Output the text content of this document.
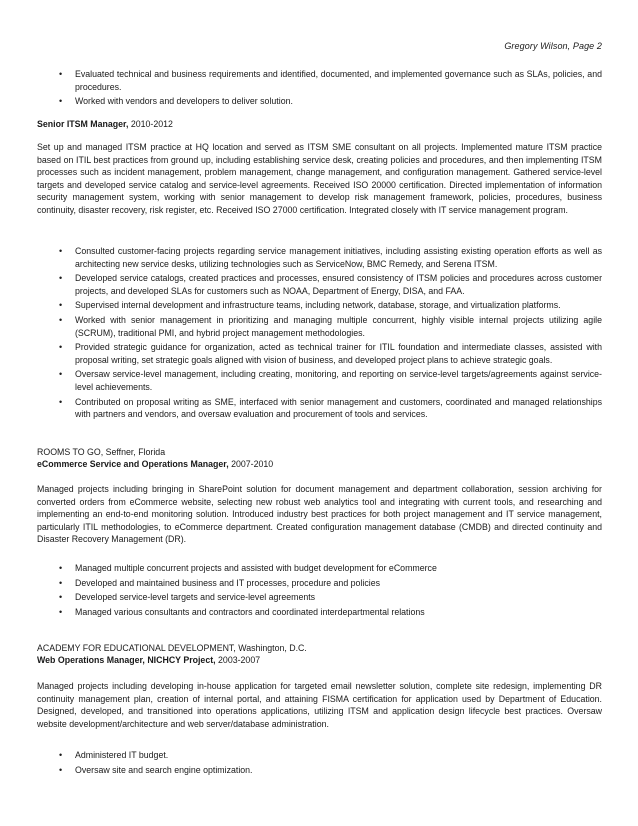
Gregory Wilson, Page 2
• Evaluated technical and business requirements and identified, documented, and implemented governance such as SLAs, policies, and procedures.
• Worked with vendors and developers to deliver solution.

Senior ITSM Manager, 2010-2012

Set up and managed ITSM practice at HQ location and served as ITSM SME consultant on all projects. Implemented mature ITSM practice based on ITIL best practices from ground up, including establishing service desk, creating policies and procedures, and then implementing ITSM processes such as incident management, problem management, change management, and configuration management. Gathered service-level targets and developed service catalog and service-level agreements. Received ISO 20000 certification. Directed implementation of information security management system, working with senior management to develop risk management framework, policies, procedures, business continuity, disaster recovery, risk register, etc. Received ISO 27000 certification. Integrated closely with IT service management program.

• Consulted customer-facing projects regarding service management initiatives, including assisting existing operation efforts as well as architecting new service desks, utilizing technologies such as ServiceNow, BMC Remedy, and Serena ITSM.
• Developed service catalogs, created practices and processes, ensured consistency of ITSM policies and procedures across customer projects, and developed SLAs for customers such as NOAA, Department of Energy, DISA, and FAA.
• Supervised internal development and infrastructure teams, including network, database, storage, and virtualization platforms.
• Worked with senior management in prioritizing and managing multiple concurrent, highly visible internal projects utilizing agile (SCRUM), traditional PMI, and hybrid project management methodologies.
• Provided strategic guidance for organization, acted as technical trainer for ITIL foundation and intermediate classes, assisted with proposal writing, set strategic goals aligned with vision of business, and developed project plans to achieve strategic goals.
• Oversaw service-level management, including creating, monitoring, and reporting on service-level targets/agreements against service-level achievements.
• Contributed on proposal writing as SME, interfaced with senior management and customers, coordinated and managed relationships with partners and vendors, and oversaw evaluation and procurement of tools and services.

ROOMS TO GO, Seffner, Florida

eCommerce Service and Operations Manager, 2007-2010

Managed projects including bringing in SharePoint solution for document management and department collaboration, session archiving for converted orders from eCommerce website, selecting new robust web analytics tool and integrating with current tools, and researching and implementing an end-to-end monitoring solution. Introduced industry best practices for both project management and IT service management, particularly ITIL methodologies, to eCommerce department. Created configuration management database (CMDB) and directed continuity and Disaster Recovery Management (DR).

• Managed multiple concurrent projects and assisted with budget development for eCommerce
• Developed and maintained business and IT processes, procedure and policies
• Developed service-level targets and service-level agreements
• Managed various consultants and contractors and coordinated interdepartmental relations

ACADEMY FOR EDUCATIONAL DEVELOPMENT, Washington, D.C.

Web Operations Manager, NICHCY Project, 2003-2007

Managed projects including developing in-house application for targeted email newsletter solution, complete site redesign, implementing DR continuity management plan, creation of internal portal, and attaining FISMA certification for application used by Department of Education. Designed, developed, and transitioned into operations applications, utilizing ITSM and application design lifecycle best practices. Oversaw website development/architecture and web server/database administration.

• Administered IT budget.
• Oversaw site and search engine optimization.
